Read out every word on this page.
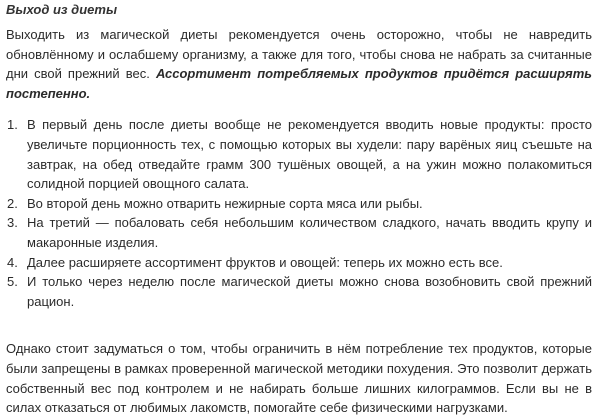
Выход из диеты

Выходить из магической диеты рекомендуется очень осторожно, чтобы не навредить обновлённому и ослабшему организму, а также для того, чтобы снова не набрать за считанные дни свой прежний вес. Ассортимент потребляемых продуктов придётся расширять постепенно.

1. В первый день после диеты вообще не рекомендуется вводить новые продукты: просто увеличьте порционность тех, с помощью которых вы худели: пару варёных яиц съешьте на завтрак, на обед отведайте грамм 300 тушёных овощей, а на ужин можно полакомиться солидной порцией овощного салата.
2. Во второй день можно отварить нежирные сорта мяса или рыбы.
3. На третий — побаловать себя небольшим количеством сладкого, начать вводить крупу и макаронные изделия.
4. Далее расширяете ассортимент фруктов и овощей: теперь их можно есть все.
5. И только через неделю после магической диеты можно снова возобновить свой прежний рацион.

Однако стоит задуматься о том, чтобы ограничить в нём потребление тех продуктов, которые были запрещены в рамках проверенной магической методики похудения. Это позволит держать собственный вес под контролем и не набирать больше лишних килограммов. Если вы не в силах отказаться от любимых лакомств, помогайте себе физическими нагрузками.
